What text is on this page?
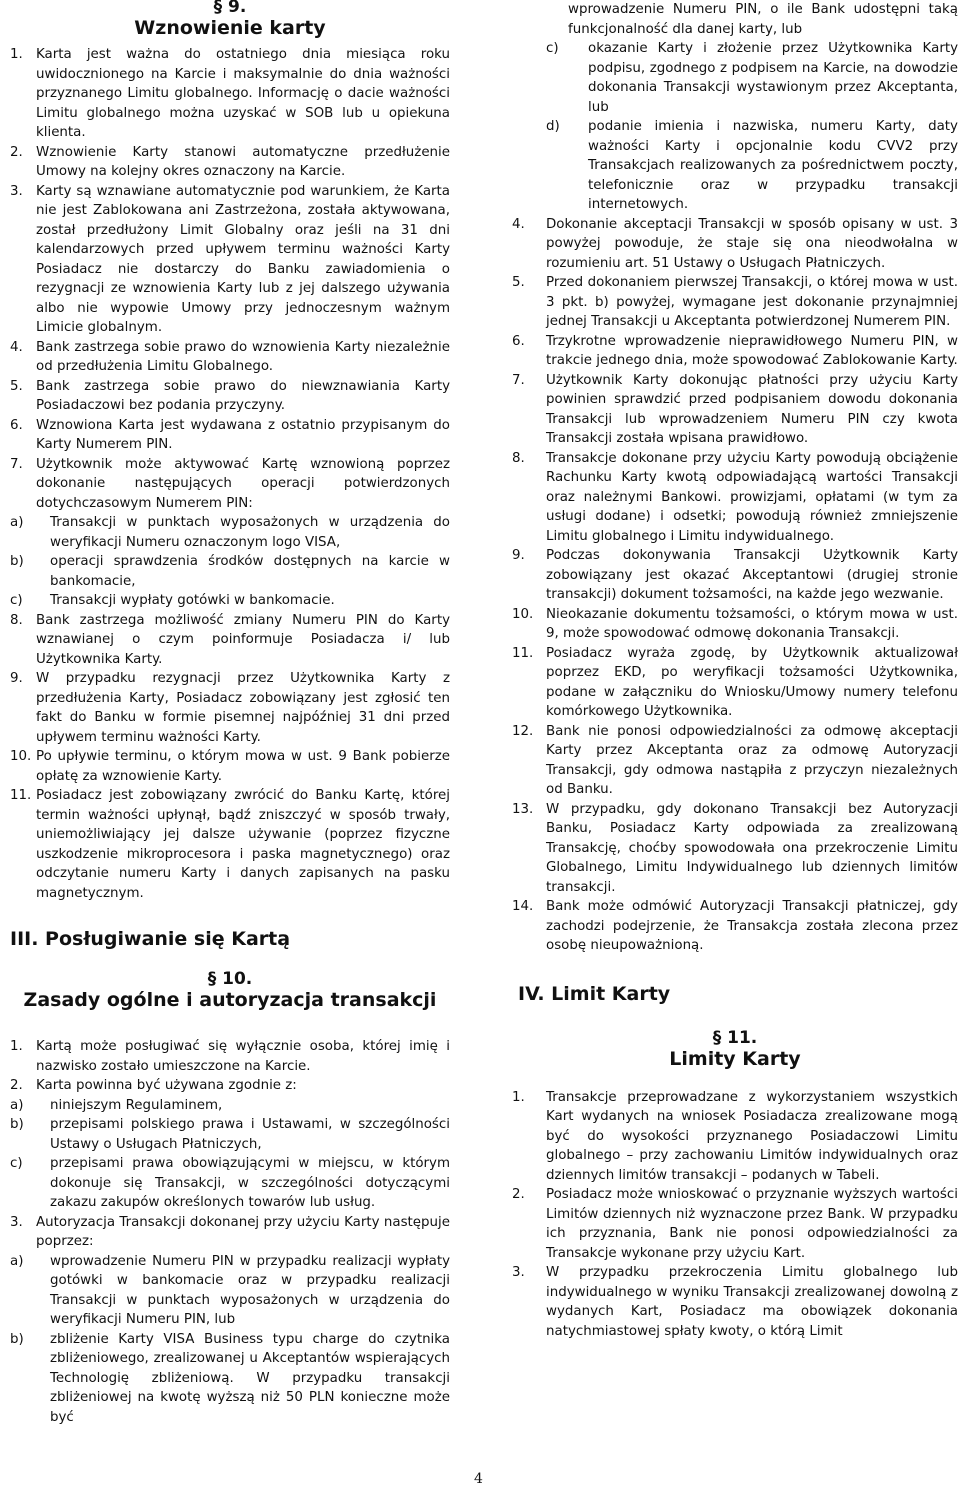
§ 9.

Wznowienie karty

1. Karta jest ważna do ostatniego dnia miesiąca roku uwidocznionego na Karcie i maksymalnie do dnia ważności przyznanego Limitu globalnego. Informację o dacie ważności Limitu globalnego można uzyskać w SOB lub u opiekuna klienta.
2. Wznowienie Karty stanowi automatyczne przedłużenie Umowy na kolejny okres oznaczony na Karcie.
3. Karty są wznawiane automatycznie pod warunkiem, że Karta nie jest Zablokowana ani Zastrzeżona, została aktywowana, został przedłużony Limit Globalny oraz jeśli na 31 dni kalendarzowych przed upływem terminu ważności Karty Posiadacz nie dostarczy do Banku zawiadomienia o rezygnacji ze wznowienia Karty lub z jej dalszego używania albo nie wypowie Umowy przy jednoczesnym ważnym Limicie globalnym.
4. Bank zastrzega sobie prawo do wznowienia Karty niezależnie od przedłużenia Limitu Globalnego.
5. Bank zastrzega sobie prawo do niewznawiania Karty Posiadaczowi bez podania przyczyny.
6. Wznowiona Karta jest wydawana z ostatnio przypisanym do Karty Numerem PIN.
7. Użytkownik może aktywować Kartę wznowioną poprzez dokonanie następujących operacji potwierdzonych dotychczasowym Numerem PIN:
a)	Transakcji w punktach wyposażonych w urządzenia do weryfikacji Numeru oznaczonym logo VISA,
b)	operacji sprawdzenia środków dostępnych na karcie w bankomacie,
c)	Transakcji wypłaty gotówki w bankomacie.
8. Bank zastrzega możliwość zmiany Numeru PIN do Karty wznawianej o czym poinformuje Posiadacza i/ lub Użytkownika Karty.
9. W przypadku rezygnacji przez Użytkownika Karty z przedłużenia Karty, Posiadacz zobowiązany jest zgłosić ten fakt do Banku w formie pisemnej najpóźniej 31 dni przed upływem terminu ważności Karty.
10. Po upływie terminu, o którym mowa w ust. 9 Bank pobierze opłatę za wznowienie Karty.
11. Posiadacz jest zobowiązany zwrócić do Banku Kartę, której termin ważności upłynął, bądź zniszczyć w sposób trwały, uniemożliwiający jej dalsze używanie (poprzez fizyczne uszkodzenie mikroprocesora i paska magnetycznego) oraz odczytanie numeru Karty i danych zapisanych na pasku magnetycznym.

III. Posługiwanie się Kartą

§ 10.

Zasady ogólne i autoryzacja transakcji

1. Kartą może posługiwać się wyłącznie osoba, której imię i nazwisko zostało umieszczone na Karcie.
2. Karta powinna być używana zgodnie z:
a)	niniejszym Regulaminem,
b)	przepisami polskiego prawa i Ustawami, w szczególności Ustawy o Usługach Płatniczych,
c)	przepisami prawa obowiązującymi w miejscu, w którym dokonuje się Transakcji, w szczególności dotyczącymi zakazu zakupów określonych towarów lub usług.
3. Autoryzacja Transakcji dokonanej przy użyciu Karty następuje poprzez:
a)	wprowadzenie Numeru PIN w przypadku realizacji wypłaty gotówki w bankomacie oraz w przypadku realizacji Transakcji w punktach wyposażonych w urządzenia do weryfikacji Numeru PIN, lub
b)	zbliżenie Karty VISA Business typu charge do czytnika zbliżeniowego, zrealizowanej u Akceptantów wspierających Technologię zbliżeniową. W przypadku transakcji zbliżeniowej na kwotę wyższą niż 50 PLN konieczne może być

wprowadzenie Numeru PIN, o ile Bank udostępni taką funkcjonalność dla danej karty, lub

c)	okazanie Karty i złożenie przez Użytkownika Karty podpisu, zgodnego z podpisem na Karcie, na dowodzie dokonania Transakcji wystawionym przez Akceptanta, lub
d)	podanie imienia i nazwiska, numeru Karty, daty ważności Karty i opcjonalnie kodu CVV2 przy Transakcjach realizowanych za pośrednictwem poczty, telefonicznie oraz w przypadku transakcji internetowych.
4.	Dokonanie akceptacji Transakcji w sposób opisany w ust. 3 powyżej powoduje, że staje się ona nieodwołalna w rozumieniu art. 51 Ustawy o Usługach Płatniczych.
5.	Przed dokonaniem pierwszej Transakcji, o której mowa w ust. 3 pkt. b) powyżej, wymagane jest dokonanie przynajmniej jednej Transakcji u Akceptanta potwierdzonej Numerem PIN.
6.	Trzykrotne wprowadzenie nieprawidłowego Numeru PIN, w trakcie jednego dnia, może spowodować Zablokowanie Karty.
7.	Użytkownik Karty dokonując płatności przy użyciu Karty powinien sprawdzić przed podpisaniem dowodu dokonania Transakcji lub wprowadzeniem Numeru PIN czy kwota Transakcji została wpisana prawidłowo.
8.	Transakcje dokonane przy użyciu Karty powodują obciążenie Rachunku Karty kwotą odpowiadającą wartości Transakcji oraz należnymi Bankowi. prowizjami, opłatami (w tym za usługi dodane) i odsetki; powodują również zmniejszenie Limitu globalnego i Limitu indywidualnego.
9.	Podczas dokonywania Transakcji Użytkownik Karty zobowiązany jest okazać Akceptantowi (drugiej stronie transakcji) dokument tożsamości, na każde jego wezwanie.
10. Nieokazanie dokumentu tożsamości, o którym mowa w ust. 9, może spowodować odmowę dokonania Transakcji.
11. Posiadacz wyraża zgodę, by Użytkownik aktualizował poprzez EKD, po weryfikacji tożsamości Użytkownika, podane w załączniku do Wniosku/Umowy numery telefonu komórkowego Użytkownika.
12. Bank nie ponosi odpowiedzialności za odmowę akceptacji Karty przez Akceptanta oraz za odmowę Autoryzacji Transakcji, gdy odmowa nastąpiła z przyczyn niezależnych od Banku.
13. W przypadku, gdy dokonano Transakcji bez Autoryzacji Banku, Posiadacz Karty odpowiada za zrealizowaną Transakcję, choćby spowodowała ona przekroczenie Limitu Globalnego, Limitu Indywidualnego lub dziennych limitów transakcji.
14. Bank może odmówić Autoryzacji Transakcji płatniczej, gdy zachodzi podejrzenie, że Transakcja została zlecona przez osobę nieupoważnioną.

IV. Limit Karty

§ 11.

Limity Karty

1.	Transakcje przeprowadzane z wykorzystaniem wszystkich Kart wydanych na wniosek Posiadacza zrealizowane mogą być do wysokości przyznanego Posiadaczowi Limitu globalnego – przy zachowaniu Limitów indywidualnych oraz dziennych limitów transakcji – podanych w Tabeli.
2.	Posiadacz może wnioskować o przyznanie wyższych wartości Limitów dziennych niż wyznaczone przez Bank. W przypadku ich przyznania, Bank nie ponosi odpowiedzialności za Transakcje wykonane przy użyciu Kart.
3.	W przypadku przekroczenia Limitu globalnego lub indywidualnego w wyniku Transakcji zrealizowanej dowolną z wydanych Kart, Posiadacz ma obowiązek dokonania natychmiastowej spłaty kwoty, o którą Limit
4
